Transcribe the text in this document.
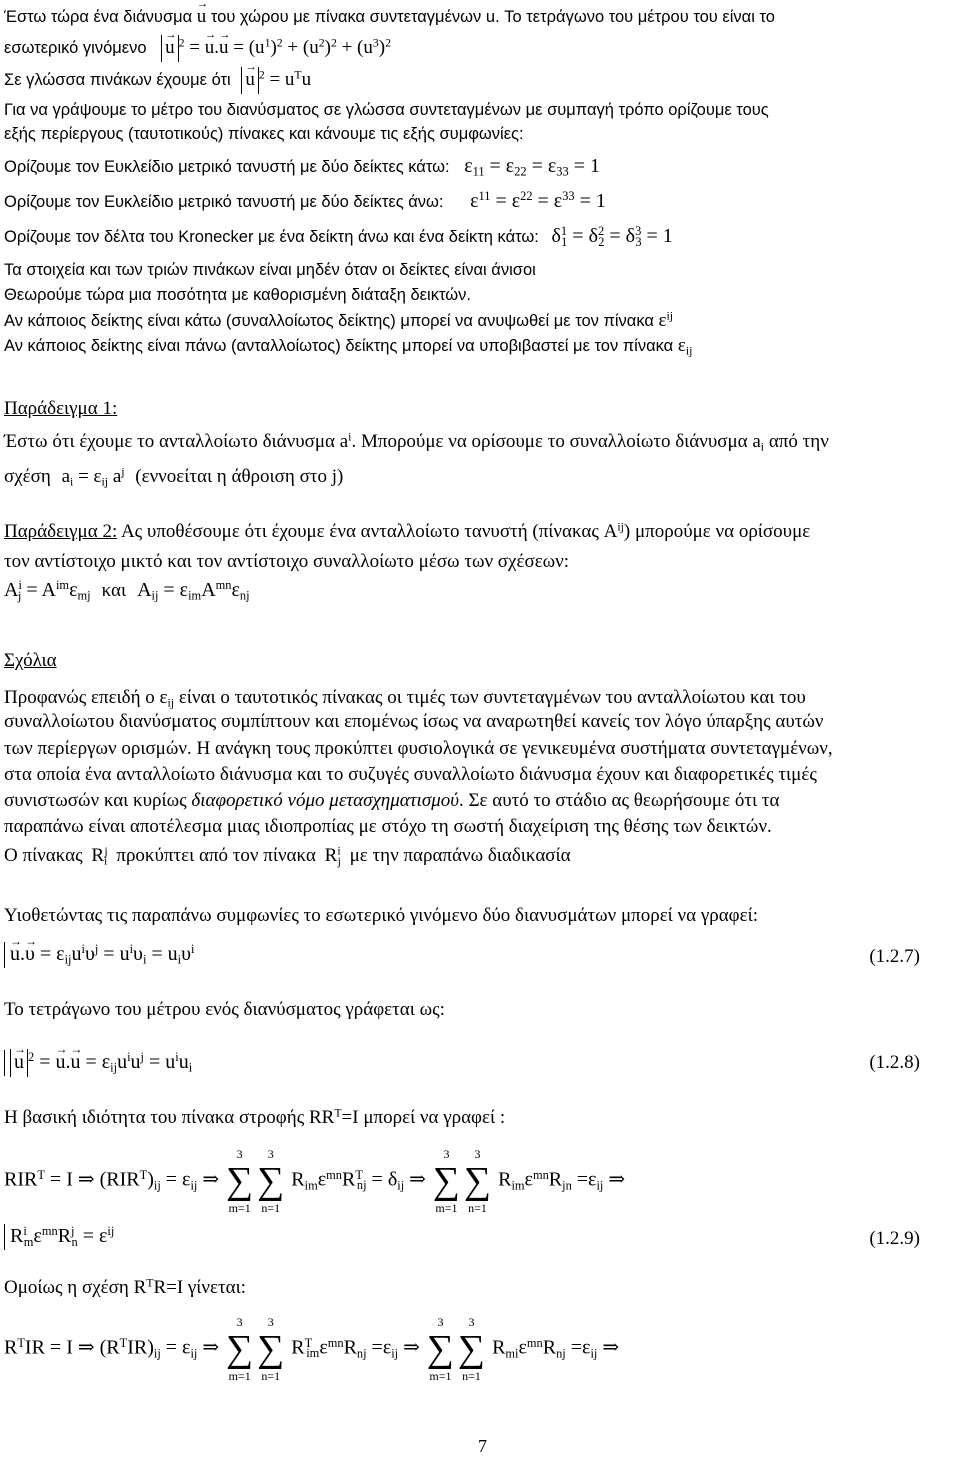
Έστω τώρα ένα διάνυσμα → u του χώρου με πίνακα συντεταγμένων u. Το τετράγωνο του μέτρου του είναι το
εσωτερικό γινόμενο → u $^2$ = → $u.\to u = (u^1)^2 + (u^2)^2 + (u^3)^2$
Σε γλώσσα πινάκων έχουμε ότι → u $^2 = u^Tu$
Για να γράψουμε το μέτρο του διανύσματος σε γλώσσα συντεταγμένων με συμπαγή τρόπο ορίζουμε τους
εξής περίεργους (ταυτοτικούς) πίνακες και κάνουμε τις εξής συμφωνίες:
Ορίζουμε τον Ευκλείδιο μετρικό τανυστή με δύο δείκτες κάτω: $\varepsilon_{11} = \varepsilon_{22} = \varepsilon_{33} = 1$
Ορίζουμε τον Ευκλείδιο μετρικό τανυστή με δύο δείκτες άνω: $\varepsilon^{11} = \varepsilon^{22} = \varepsilon^{33} = 1$
Ορίζουμε τον δέλτα του Kronecker με ένα δείκτη άνω και ένα δείκτη κάτω: $\delta^1_1 = \delta^2_2 = \delta^3_3 = 1$
Τα στοιχεία και των τριών πινάκων είναι μηδέν όταν οι δείκτες είναι άνισοι
Θεωρούμε τώρα μια ποσότητα με καθορισμένη διάταξη δεικτών.
Αν κάποιος δείκτης είναι κάτω (συναλλοίωτος δείκτης) μπορεί να ανυψωθεί με τον πίνακα $\varepsilon^{ij}$
Αν κάποιος δείκτης είναι πάνω (ανταλλοίωτος) δείκτης μπορεί να υποβιβαστεί με τον πίνακα $\varepsilon_{ij}$
Παράδειγμα 1:
Έστω ότι έχουμε το ανταλλοίωτο διάνυσμα $a^i$. Μπορούμε να ορίσουμε το συναλλοίωτο διάνυσμα $a_i$ από την
σχέση $a_i = \varepsilon_{ij}$ $a^j$ (εννοείται η άθροιση στο j)
Παράδειγμα 2: Ας υποθέσουμε ότι έχουμε ένα ανταλλοίωτο τανυστή (πίνακας $A^{ij}$) μπορούμε να ορίσουμε
τον αντίστοιχο μικτό και τον αντίστοιχο συναλλοίωτο μέσω των σχέσεων:
$A^i_j = A^{im}\varepsilon_{mj}$ και $A_{ij} = \varepsilon_{im}A^{mn}\varepsilon_{nj}$
Σχόλια
Προφανώς επειδή ο $\varepsilon_{ij}$ είναι ο ταυτοτικός πίνακας οι τιμές των συντεταγμένων του ανταλλοίωτου και του
συναλλοίωτου διανύσματος συμπίπτουν και επομένως ίσως να αναρωτηθεί κανείς τον λόγο ύπαρξης αυτών
των περίεργων ορισμών. Η ανάγκη τους προκύπτει φυσιολογικά σε γενικευμένα συστήματα συντεταγμένων,
στα οποία ένα ανταλλοίωτο διάνυσμα και το συζυγές συναλλοίωτο διάνυσμα έχουν και διαφορετικές τιμές
συνιστωσών και κυρίως διαφορετικό νόμο μετασχηματισμού. Σε αυτό το στάδιο ας θεωρήσουμε ότι τα
παραπάνω είναι αποτέλεσμα μιας ιδιοπροπίας με στόχο τη σωστή διαχείριση της θέσης των δεικτών.
Ο πίνακας $R_i^j$ προκύπτει από τον πίνακα $R^i_j$ με την παραπάνω διαδικασία
Υιοθετώντας τις παραπάνω συμφωνίες το εσωτερικό γινόμενο δύο διανυσμάτων μπορεί να γραφεί:
→ $u.\to \upsilon = \varepsilon_{ij}u^i\upsilon^j = u^i\upsilon_i = u_i\upsilon^i$	(1.2.7)
Το τετράγωνο του μέτρου ενός διανύσματος γράφεται ως:
→ u $^2$ = → $u.\to u = \varepsilon_{ij}u^iu^j = u^iu_i$	(1.2.8)
Η βασική ιδιότητα του πίνακα στροφής $RR^T=I$ μπορεί να γραφεί :
$RIR^T = I$ ⇒ $(RIR^T)_{ij} = \varepsilon_{ij}$ ⇒
3
∑
m=1
3
∑
n=1
$R_{im}\varepsilon^{mn}R^T_{nj} = \delta_{ij}$ ⇒
3
∑
m=1
3
∑
n=1
$R_{im}\varepsilon^{mn}R_{jn} =\varepsilon_{ij}$ ⇒
$R^i_m\varepsilon^{mn}R^j_n = \varepsilon^{ij}$	(1.2.9)
Ομοίως η σχέση $R^TR=I$ γίνεται:
$R^TIR = I$ ⇒ $(R^TIR)_{ij} = \varepsilon_{ij}$ ⇒
3
∑
m=1
3
∑
n=1
$R^T_{im}\varepsilon^{mn}R_{nj} =\varepsilon_{ij}$ ⇒
3
∑
m=1
3
∑
n=1
$R_{mi}\varepsilon^{mn}R_{nj} =\varepsilon_{ij}$ ⇒
7
